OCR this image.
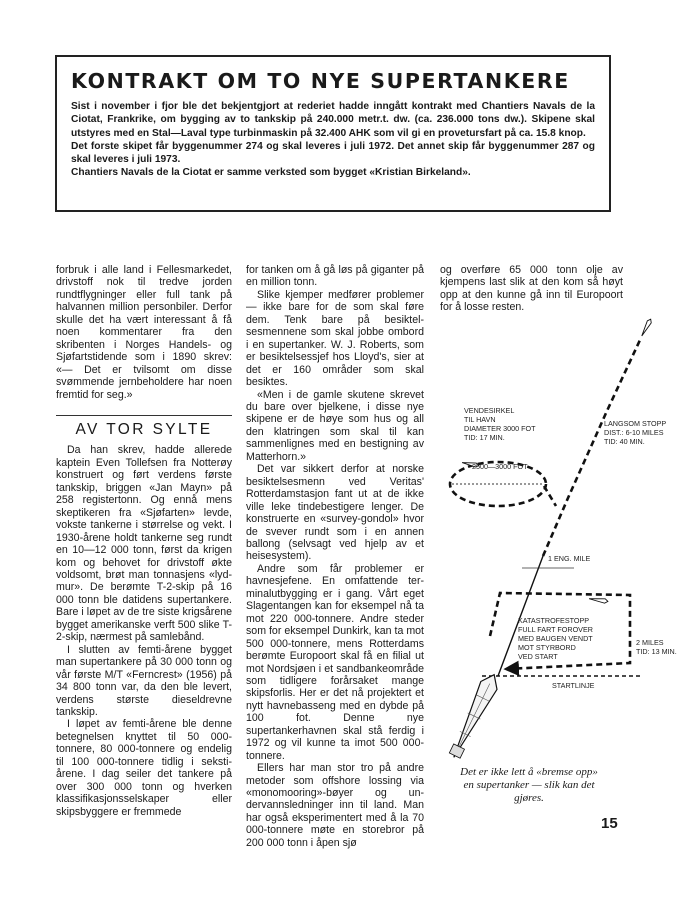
KONTRAKT OM TO NYE SUPERTANKERE

Sist i november i fjor ble det bekjentgjort at rederiet hadde inngått kontrakt med Chantiers Navals de la Ciotat, Frankrike, om bygging av to tankskip på 240.000 metr.t. dw. (ca. 236.000 tons dw.). Skipene skal utstyres med en Stal—Laval type turbinmaskin på 32.400 AHK som vil gi en provetursfart på ca. 15.8 knop.

Det forste skipet får byggenummer 274 og skal leveres i juli 1972. Det annet skip får byggenummer 287 og skal leveres i juli 1973.

Chantiers Navals de la Ciotat er samme verksted som bygget «Kristian Birkeland».

forbruk i alle land i Fellesmarkedet, drivstoff nok til tredve jorden rundtflygninger eller full tank på halvannen million personbiler. Derfor skulle det ha vært interessant å få noen kommentarer fra den skribenten i Norges Handels- og Sjøfartstidende som i 1890 skrev: «— Det er tvilsomt om disse svømmende jernbeholdere har noen fremtid for seg.»

AV TOR SYLTE

Da han skrev, hadde allerede kaptein Even Tollefsen fra Notterøy konstruert og ført verdens første tankskip, briggen «Jan Mayn» på 258 registertonn. Og ennå mens skeptikeren fra «Sjøfarten» levde, vokste tankerne i størrelse og vekt. I 1930-årene holdt tankerne seg rundt en 10—12 000 tonn, først da krigen kom og behovet for drivstoff økte voldsomt, brøt man tonnasjens «lydmur». De berømte T-2-skip på 16 000 tonn ble datidens supertankere. Bare i løpet av de tre siste krigsårene bygget amerikanske verft 500 slike T-2-skip, nærmest på samlebånd.

I slutten av femti-årene bygget man supertankere på 30 000 tonn og vår første M/T «Ferncrest» (1956) på 34 800 tonn var, da den ble levert, verdens største dieseldrevne tankskip.

I løpet av femti-årene ble denne betegnelsen knyttet til 50 000-tonnere, 80 000-tonnere og endelig til 100 000-tonnere tidlig i seksti-årene. I dag seiler det tankere på over 300 000 tonn og hverken klassifikasjonsselskaper eller skipsbyggere er fremmede

for tanken om å gå løs på giganter på en million tonn.

Slike kjemper medfører problemer — ikke bare for de som skal føre dem. Tenk bare på besiktelsesmennene som skal jobbe ombord i en supertanker. W. J. Roberts, som er besiktelsessjef hos Lloyd's, sier at det er 160 områder som skal besiktes.

«Men i de gamle skutene skrevet du bare over bjelkene, i disse nye skipene er de høye som hus og all den klatringen som skal til kan sammenlignes med en bestigning av Matterhorn.»

Det var sikkert derfor at norske besiktelsesmenn ved Veritas' Rotterdamstasjon fant ut at de ikke ville leke tindebestigere lenger. De konstruerte en «survey-gondol» hvor de svever rundt som i en annen ballong (selvsagt ved hjelp av et heisesystem).

Andre som får problemer er havnesjefene. En omfattende terminalutbygging er i gang. Vårt eget Slagentangen kan for eksempel nå ta mot 220 000-tonnere. Andre steder som for eksempel Dunkirk, kan ta mot 500 000-tonnere, mens Rotterdams berømte Europoort skal få en filial ut mot Nordsjøen i et sandbankeområde som tidligere forårsaket mange skipsforlis. Her er det nå projektert et nytt havnebasseng med en dybde på 100 fot. Denne nye supertankerhavnen skal stå ferdig i 1972 og vil kunne ta imot 500 000-tonnere.

Ellers har man stor tro på andre metoder som offshore lossing via «monomooring»-bøyer og undervannsledninger inn til land. Man har også eksperimentert med å la 70 000-tonnere møte en storebror på 200 000 tonn i åpen sjø

og overføre 65 000 tonn olje av kjempens last slik at den kom så høyt opp at den kunne gå inn til Europoort for å losse resten.

VENDESIRKEL
TIL HAVN
DIAMETER 3000 FOT
TID: 17 MIN.
2500—3000 FOT
LANGSOM STOPP
DIST.: 6-10 MILES
TID: 40 MIN.
1 ENG. MILE
KATASTROFESTOPP
FULL FART FOROVER
MED BAUGEN VENDT
MOT STYRBORD
VED START
2 MILES
TID: 13 MIN.
STARTLINJE
Det er ikke lett å «bremse opp»
en supertanker — slik kan det
gjøres.
15
